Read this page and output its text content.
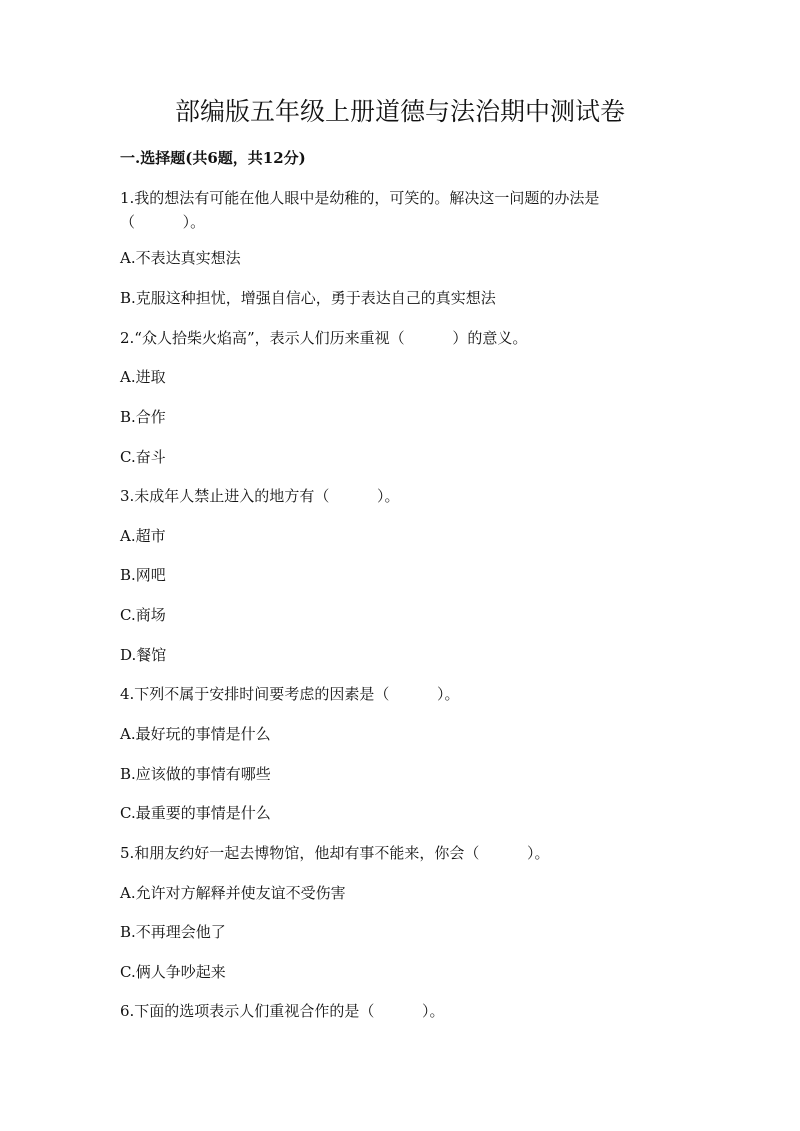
部编版五年级上册道德与法治期中测试卷
一.选择题(共6题，共12分)

1.我的想法有可能在他人眼中是幼稚的，可笑的。解决这一问题的办法是

（          ）。

A.不表达真实想法

B.克服这种担忧，增强自信心，勇于表达自己的真实想法

2.“众人拾柴火焰高”，表示人们历来重视（          ）的意义。

A.进取

B.合作

C.奋斗

3.未成年人禁止进入的地方有（          ）。

A.超市

B.网吧

C.商场

D.餐馆

4.下列不属于安排时间要考虑的因素是（          ）。

A.最好玩的事情是什么

B.应该做的事情有哪些

C.最重要的事情是什么

5.和朋友约好一起去博物馆，他却有事不能来，你会（          ）。

A.允许对方解释并使友谊不受伤害

B.不再理会他了

C.俩人争吵起来

6.下面的选项表示人们重视合作的是（          ）。
